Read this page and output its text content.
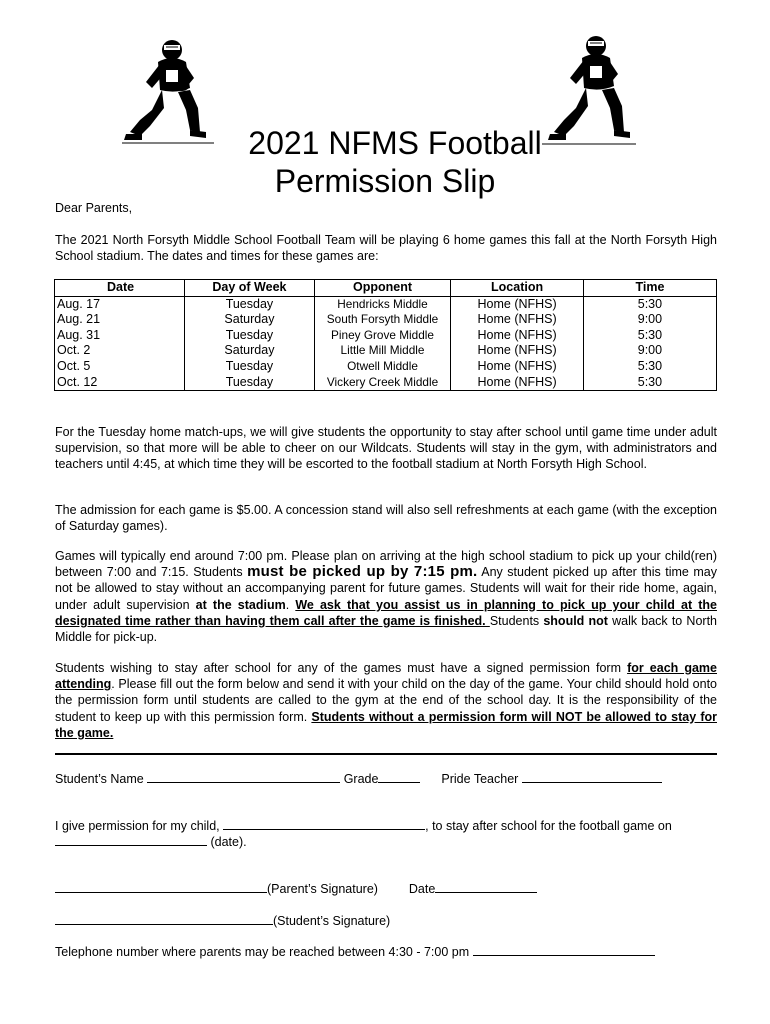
2021 NFMS Football
Permission Slip
Dear Parents,
The 2021 North Forsyth Middle School Football Team will be playing 6 home games this fall at the North Forsyth High School stadium. The dates and times for these games are:
Date	Day of Week	Opponent	Location	Time
Aug. 17	Tuesday	Hendricks Middle	Home (NFHS)	5:30
Aug. 21	Saturday	South Forsyth Middle	Home (NFHS)	9:00
Aug. 31	Tuesday	Piney Grove Middle	Home (NFHS)	5:30
Oct. 2	Saturday	Little Mill Middle	Home (NFHS)	9:00
Oct. 5	Tuesday	Otwell Middle	Home (NFHS)	5:30
Oct. 12	Tuesday	Vickery Creek Middle	Home (NFHS)	5:30
For the Tuesday home match-ups, we will give students the opportunity to stay after school until game time under adult supervision, so that more will be able to cheer on our Wildcats. Students will stay in the gym, with administrators and teachers until 4:45, at which time they will be escorted to the football stadium at North Forsyth High School.
The admission for each game is $5.00. A concession stand will also sell refreshments at each game (with the exception of Saturday games).
Games will typically end around 7:00 pm. Please plan on arriving at the high school stadium to pick up your child(ren) between 7:00 and 7:15. Students must be picked up by 7:15 pm. Any student picked up after this time may not be allowed to stay without an accompanying parent for future games. Students will wait for their ride home, again, under adult supervision at the stadium. We ask that you assist us in planning to pick up your child at the designated time rather than having them call after the game is finished. Students should not walk back to North Middle for pick-up.
Students wishing to stay after school for any of the games must have a signed permission form for each game attending. Please fill out the form below and send it with your child on the day of the game. Your child should hold onto the permission form until students are called to the gym at the end of the school day. It is the responsibility of the student to keep up with this permission form. Students without a permission form will NOT be allowed to stay for the game.
Student’s Name	Grade	Pride Teacher
I give permission for my child,	, to stay after school for the football game on
(date).
(Parent’s Signature) Date
(Student’s Signature)
Telephone number where parents may be reached between 4:30 - 7:00 pm
